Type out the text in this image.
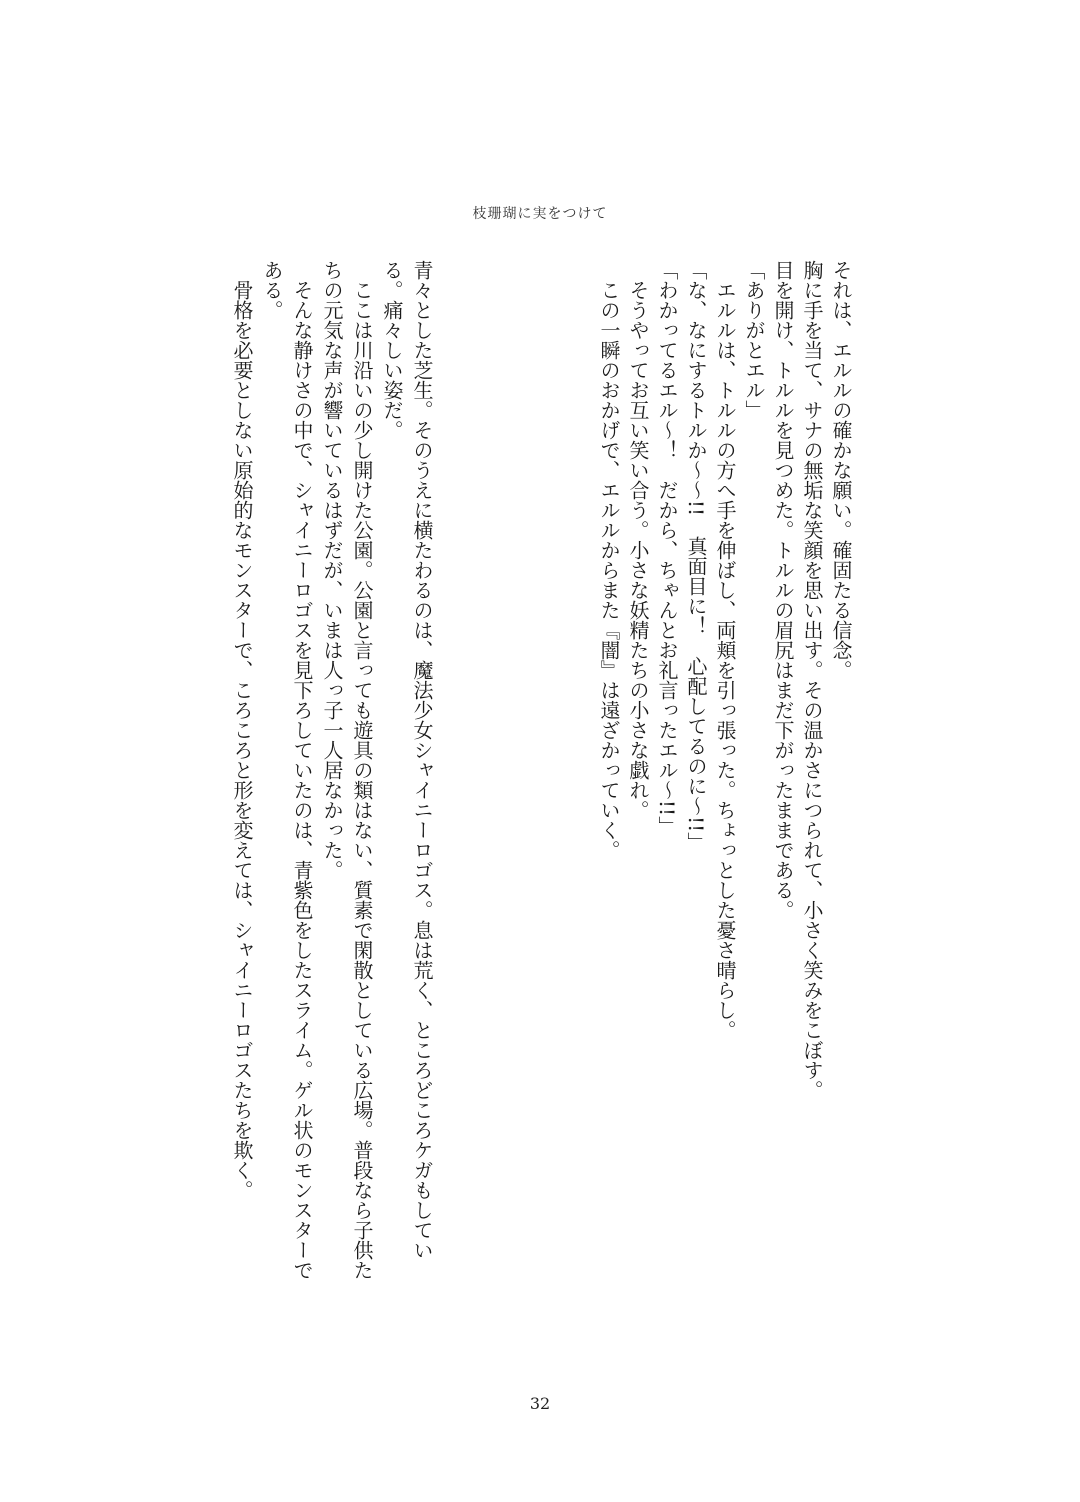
枝珊瑚に実をつけて
それは、エルルの確かな願い。確固たる信念。
胸に手を当て、サナの無垢な笑顔を思い出す。その温かさにつられて、小さく笑みをこぼす。
目を開け、トルルを見つめた。トルルの眉尻はまだ下がったままである。
「ありがとエル」
　エルルは、トルルの方へ手を伸ばし、両頬を引っ張った。ちょっとした憂さ晴らし。
「な、なにするトルか〜〜!!　真面目に！　心配してるのに〜!!」
「わかってるエル〜！　だから、ちゃんとお礼言ったエル〜!!」
　そうやってお互い笑い合う。小さな妖精たちの小さな戯れ。
　この一瞬のおかげで、エルルからまた『闇』は遠ざかっていく。
青々とした芝生。そのうえに横たわるのは、魔法少女シャイニーロゴス。息は荒く、ところどころケガもしてい
る。痛々しい姿だ。
　ここは川沿いの少し開けた公園。公園と言っても遊具の類はない、質素で閑散としている広場。普段なら子供た
ちの元気な声が響いているはずだが、いまは人っ子一人居なかった。
　そんな静けさの中で、シャイニーロゴスを見下ろしていたのは、青紫色をしたスライム。ゲル状のモンスターで
ある。
　骨格を必要としない原始的なモンスターで、ころころと形を変えては、シャイニーロゴスたちを欺く。
32
